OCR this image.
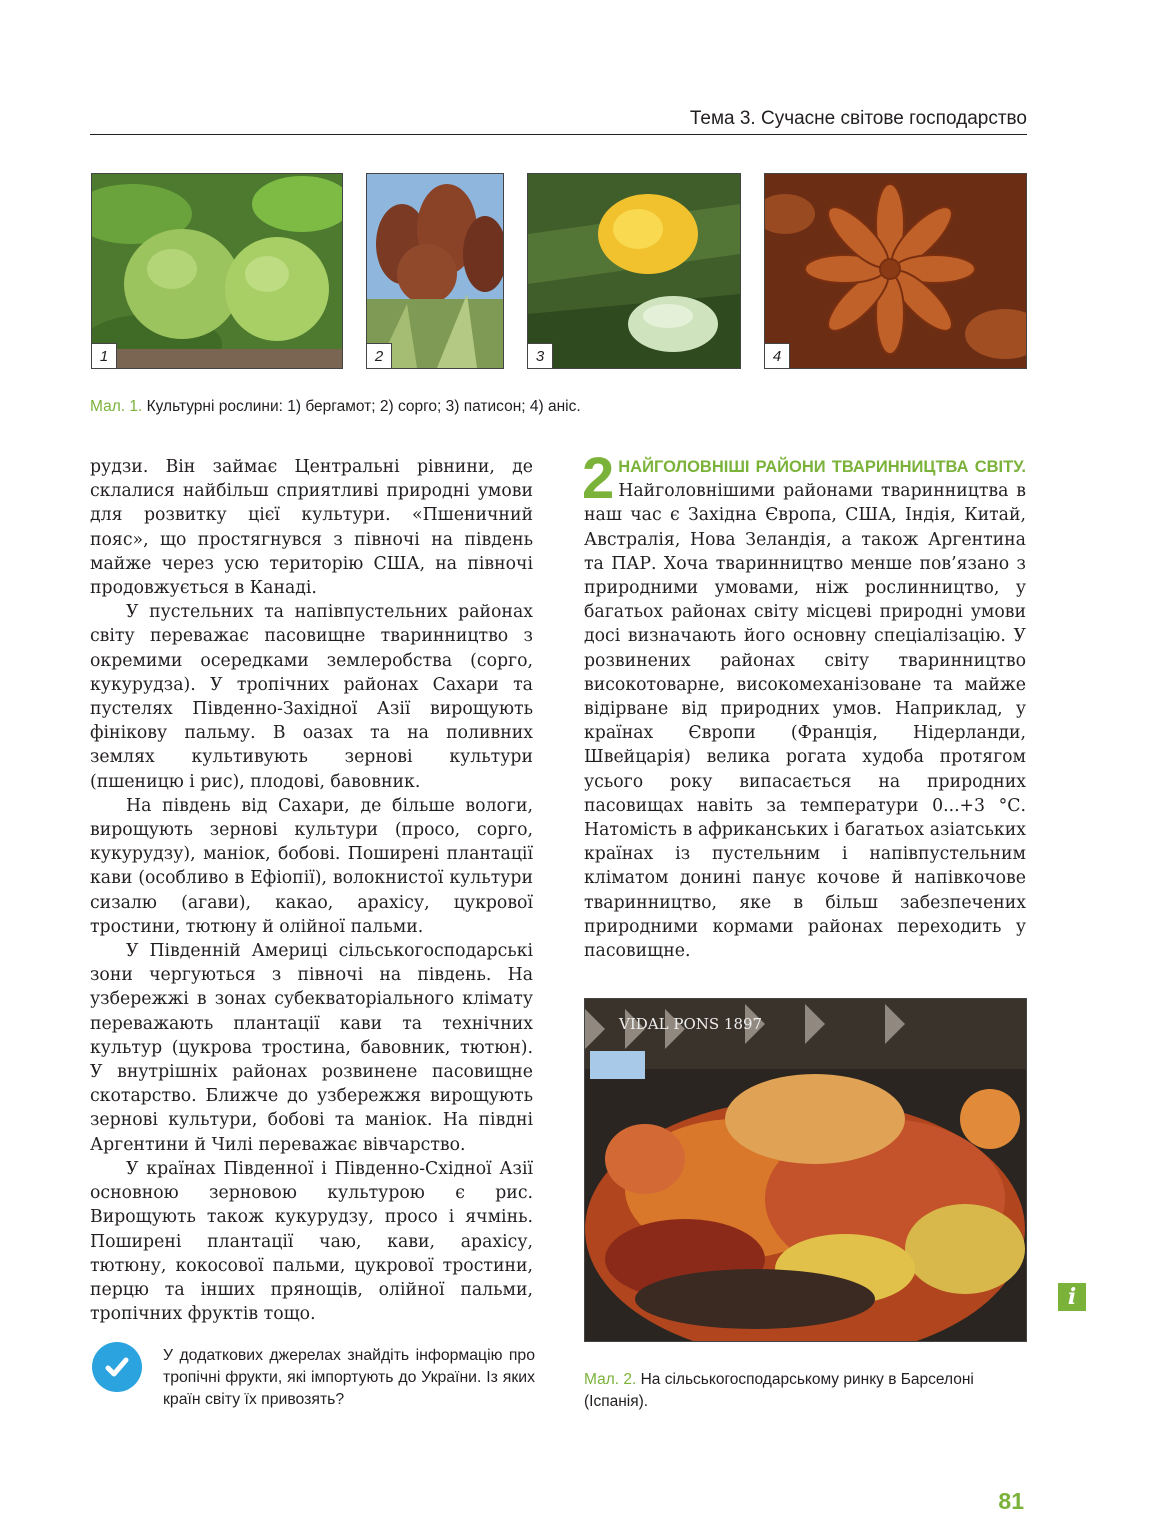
Тема 3. Сучасне світове господарство
1	2	3	4
Мал. 1. Культурні рослини: 1) бергамот; 2) сорго; 3) патисон; 4) аніс.

рудзи. Він займає Центральні рівнини, де склалися найбільш сприятливі природні умови для розвитку цієї культури. «Пшеничний пояс», що простягнувся з півночі на південь майже через усю територію США, на півночі продовжується в Канаді.

У пустельних та напівпустельних районах світу переважає пасовищне тваринництво з окремими осередками землеробства (сорго, кукурудза). У тропічних районах Сахари та пустелях Південно-Західної Азії вирощують фінікову пальму. В оазах та на поливних землях культивують зернові культури (пшеницю і рис), плодові, бавовник.

На південь від Сахари, де більше вологи, вирощують зернові культури (просо, сорго, кукурудзу), маніок, бобові. Поширені плантації кави (особливо в Ефіопії), волокнистої культури сизалю (агави), какао, арахісу, цукрової тростини, тютюну й олійної пальми.

У Південній Америці сільськогосподарські зони чергуються з півночі на південь. На узбережжі в зонах субекваторіального клімату переважають плантації кави та технічних культур (цукрова тростина, бавовник, тютюн). У внутрішніх районах розвинене пасовищне скотарство. Ближче до узбережжя вирощують зернові культури, бобові та маніок. На півдні Аргентини й Чилі переважає вівчарство.

У країнах Південної і Південно-Східної Азії основною зерновою культурою є рис. Вирощують також кукурудзу, просо і ячмінь. Поширені плантації чаю, кави, арахісу, тютюну, кокосової пальми, цукрової тростини, перцю та інших прянощів, олійної пальми, тропічних фруктів тощо.

2 НАЙГОЛОВНІШІ РАЙОНИ ТВАРИННИЦТВА СВІТУ. Найголовнішими районами тваринництва в наш час є Західна Європа, США, Індія, Китай, Австралія, Нова Зеландія, а також Аргентина та ПАР. Хоча тваринництво менше пов’язано з природними умовами, ніж рослинництво, у багатьох районах світу місцеві природні умови досі визначають його основну спеціалізацію. У розвинених районах світу тваринництво високотоварне, високомеханізоване та майже відірване від природних умов. Наприклад, у країнах Європи (Франція, Нідерланди, Швейцарія) велика рогата худоба протягом усього року випасається на природних пасовищах навіть за температури 0...+3 °С. Натомість в африканських і багатьох азіатських країнах із пустельним і напівпустельним кліматом донині панує кочове й напівкочове тваринництво, яке в більш забезпечених природними кормами районах переходить у пасовищне.
VIDAL PONS 1897
Мал. 2. На сільськогосподарському ринку в Барселоні (Іспанія).
У додаткових джерелах знайдіть інформацію про тропічні фрукти, які імпортують до України. Із яких країн світу їх привозять?
i
81
